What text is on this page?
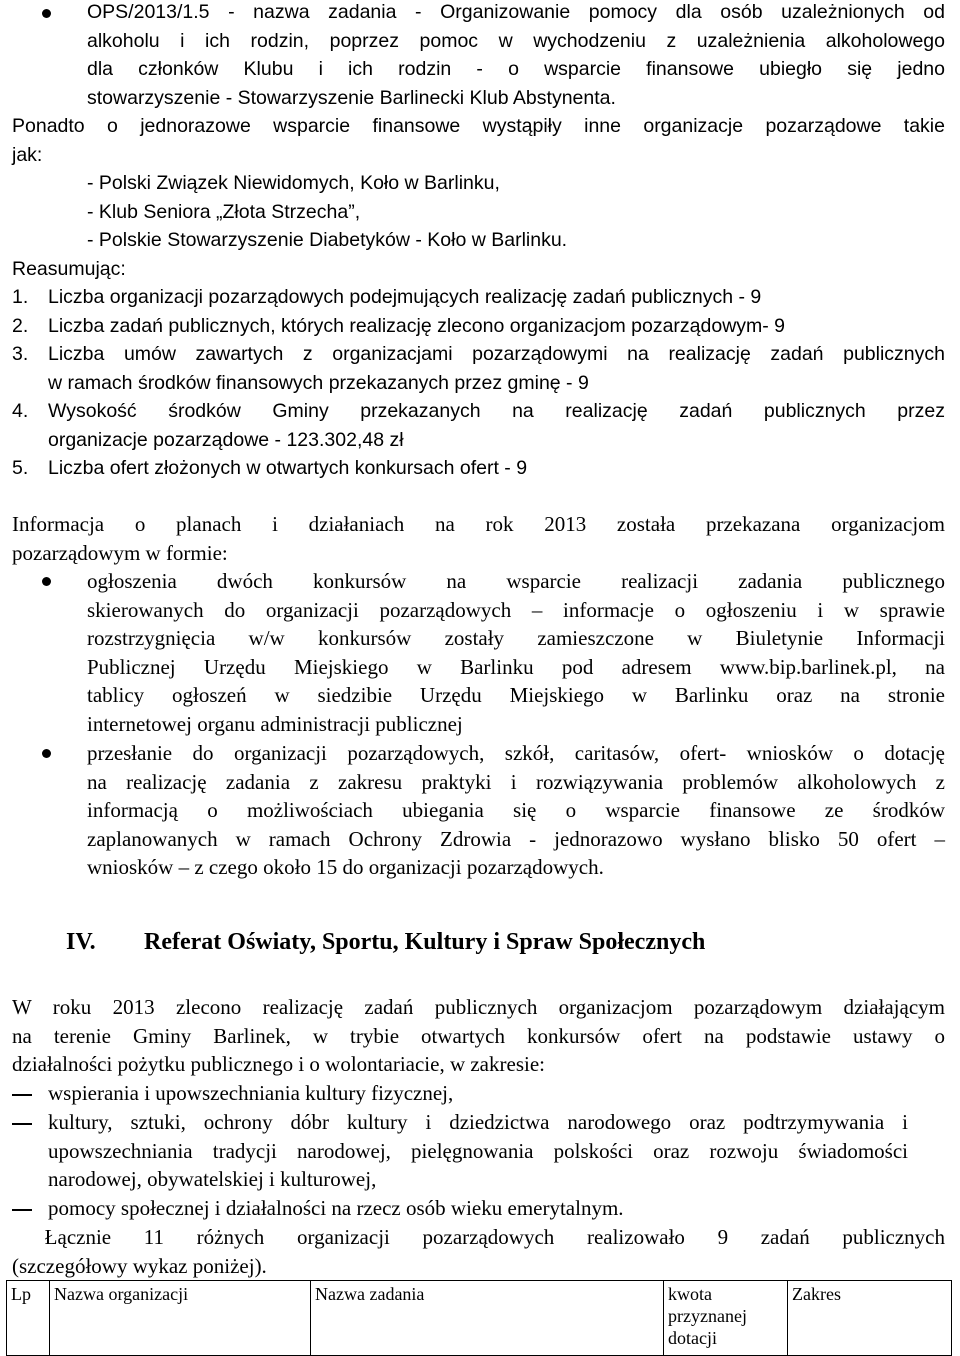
OPS/2013/1.5 - nazwa zadania - Organizowanie pomocy dla osób uzależnionych od
alkoholu i ich rodzin, poprzez pomoc w wychodzeniu z uzależnienia alkoholowego
dla członków Klubu i ich rodzin - o wsparcie finansowe ubiegło się jedno
stowarzyszenie - Stowarzyszenie Barlinecki Klub Abstynenta.
Ponadto o jednorazowe wsparcie finansowe wystąpiły inne organizacje pozarządowe takie
jak:
- Polski Związek Niewidomych, Koło w Barlinku,
- Klub Seniora „Złota Strzecha”,
- Polskie Stowarzyszenie Diabetyków - Koło w Barlinku.
Reasumując:
1. Liczba organizacji pozarządowych podejmujących realizację zadań publicznych - 9
2. Liczba zadań publicznych, których realizację zlecono organizacjom pozarządowym- 9
3. Liczba umów zawartych z organizacjami pozarządowymi na realizację zadań publicznych
w ramach środków finansowych przekazanych przez gminę - 9
4. Wysokość środków Gminy przekazanych na realizację zadań publicznych przez
organizacje pozarządowe - 123.302,48 zł
5. Liczba ofert złożonych w otwartych konkursach ofert - 9
Informacja o planach i działaniach na rok 2013 została przekazana organizacjom
pozarządowym w formie:
ogłoszenia dwóch konkursów na wsparcie realizacji zadania publicznego
skierowanych do organizacji pozarządowych – informacje o ogłoszeniu i w sprawie
rozstrzygnięcia w/w konkursów zostały zamieszczone w Biuletynie Informacji
Publicznej Urzędu Miejskiego w Barlinku pod adresem www.bip.barlinek.pl, na
tablicy ogłoszeń w siedzibie Urzędu Miejskiego w Barlinku oraz na stronie
internetowej organu administracji publicznej
przesłanie do organizacji pozarządowych, szkół, caritasów, ofert- wniosków o dotację
na realizację zadania z zakresu praktyki i rozwiązywania problemów alkoholowych z
informacją o możliwościach ubiegania się o wsparcie finansowe ze środków
zaplanowanych w ramach Ochrony Zdrowia - jednorazowo wysłano blisko 50 ofert –
wniosków – z czego około 15 do organizacji pozarządowych.
IV. Referat Oświaty, Sportu, Kultury i Spraw Społecznych
W roku 2013 zlecono realizację zadań publicznych organizacjom pozarządowym działającym
na terenie Gminy Barlinek, w trybie otwartych konkursów ofert na podstawie ustawy o
działalności pożytku publicznego i o wolontariacie, w zakresie:
wspierania i upowszechniania kultury fizycznej,
kultury, sztuki, ochrony dóbr kultury i dziedzictwa narodowego oraz podtrzymywania i
upowszechniania tradycji narodowej, pielęgnowania polskości oraz rozwoju świadomości
narodowej, obywatelskiej i kulturowej,
pomocy społecznej i działalności na rzecz osób wieku emerytalnym.
Łącznie 11 różnych organizacji pozarządowych realizowało 9 zadań publicznych
(szczegółowy wykaz poniżej).
Lp	Nazwa organizacji	Nazwa zadania	kwota przyznanej dotacji	Zakres
